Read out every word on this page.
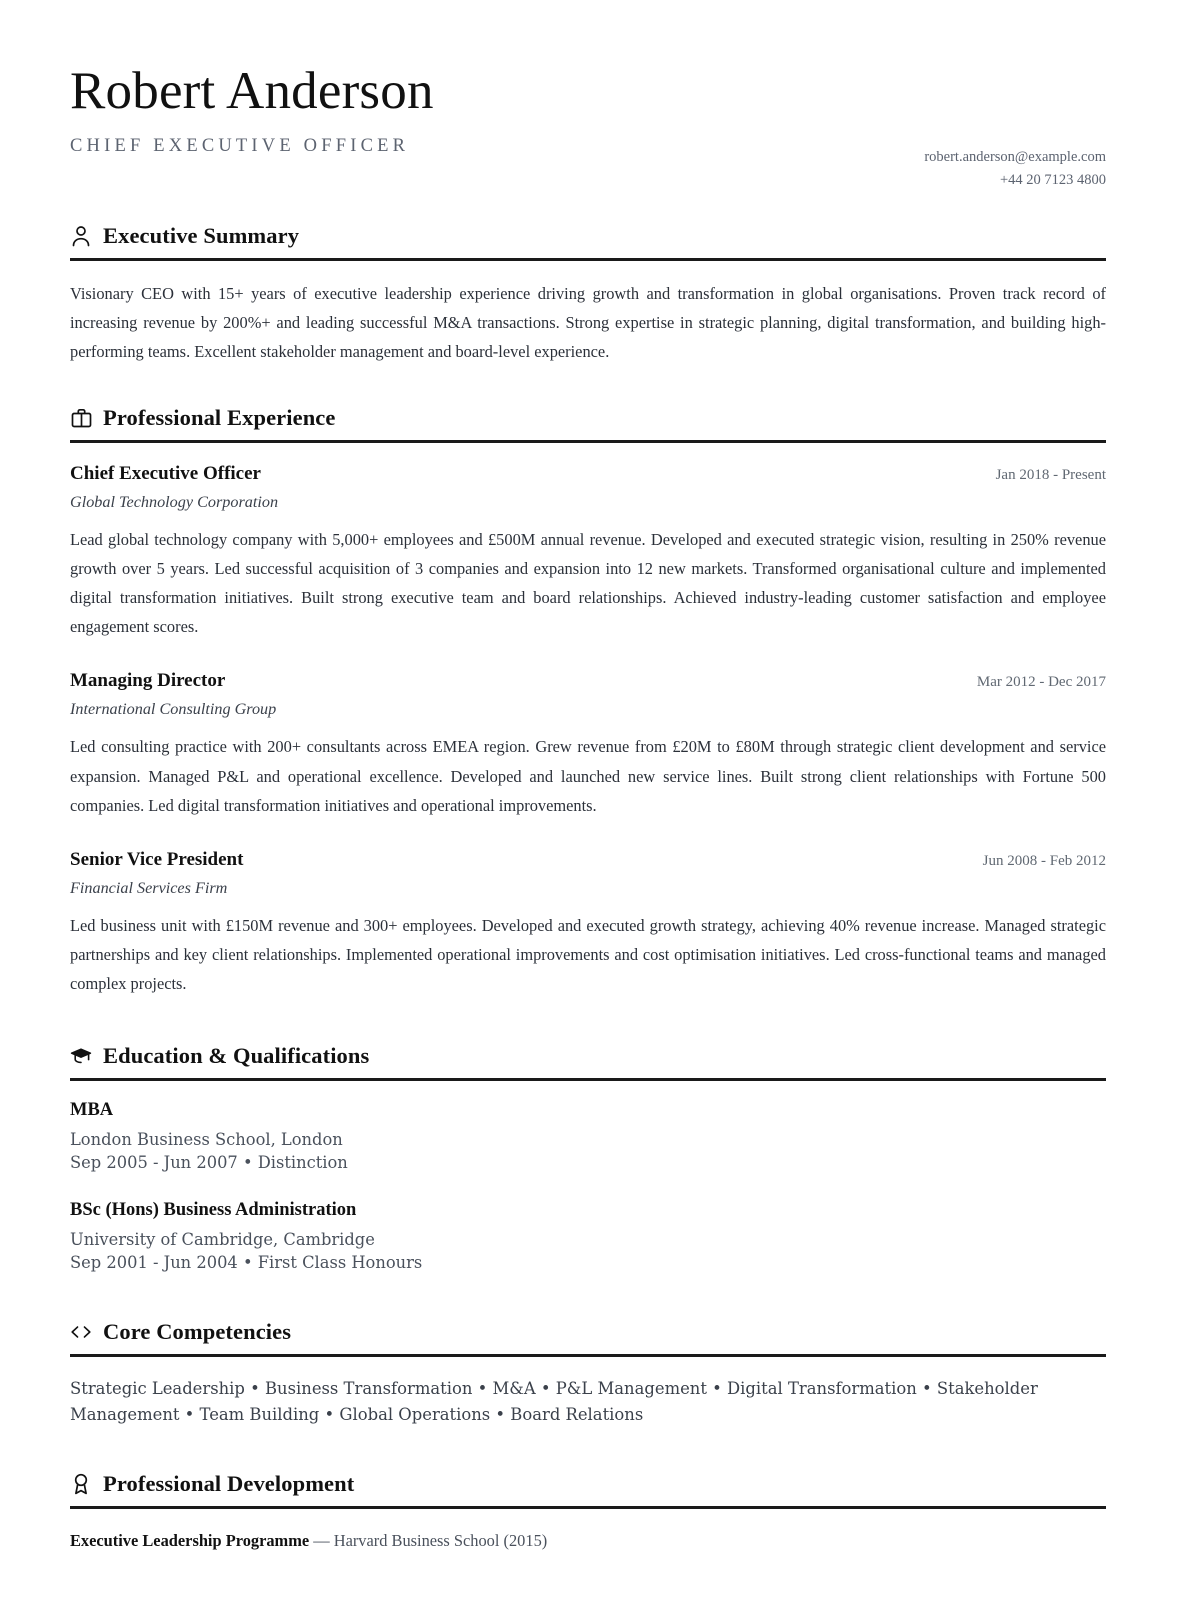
Robert Anderson
CHIEF EXECUTIVE OFFICER
robert.anderson@example.com
+44 20 7123 4800
Executive Summary
Visionary CEO with 15+ years of executive leadership experience driving growth and transformation in global organisations. Proven track record of increasing revenue by 200%+ and leading successful M&A transactions. Strong expertise in strategic planning, digital transformation, and building high-performing teams. Excellent stakeholder management and board-level experience.
Professional Experience
Chief Executive Officer	Jan 2018 - Present
Global Technology Corporation
Lead global technology company with 5,000+ employees and £500M annual revenue. Developed and executed strategic vision, resulting in 250% revenue growth over 5 years. Led successful acquisition of 3 companies and expansion into 12 new markets. Transformed organisational culture and implemented digital transformation initiatives. Built strong executive team and board relationships. Achieved industry-leading customer satisfaction and employee engagement scores.
Managing Director	Mar 2012 - Dec 2017
International Consulting Group
Led consulting practice with 200+ consultants across EMEA region. Grew revenue from £20M to £80M through strategic client development and service expansion. Managed P&L and operational excellence. Developed and launched new service lines. Built strong client relationships with Fortune 500 companies. Led digital transformation initiatives and operational improvements.
Senior Vice President	Jun 2008 - Feb 2012
Financial Services Firm
Led business unit with £150M revenue and 300+ employees. Developed and executed growth strategy, achieving 40% revenue increase. Managed strategic partnerships and key client relationships. Implemented operational improvements and cost optimisation initiatives. Led cross-functional teams and managed complex projects.
Education & Qualifications
MBA
London Business School, London
Sep 2005 - Jun 2007 • Distinction
BSc (Hons) Business Administration
University of Cambridge, Cambridge
Sep 2001 - Jun 2004 • First Class Honours
Core Competencies
Strategic Leadership • Business Transformation • M&A • P&L Management • Digital Transformation • Stakeholder Management • Team Building • Global Operations • Board Relations
Professional Development
Executive Leadership Programme — Harvard Business School (2015)
